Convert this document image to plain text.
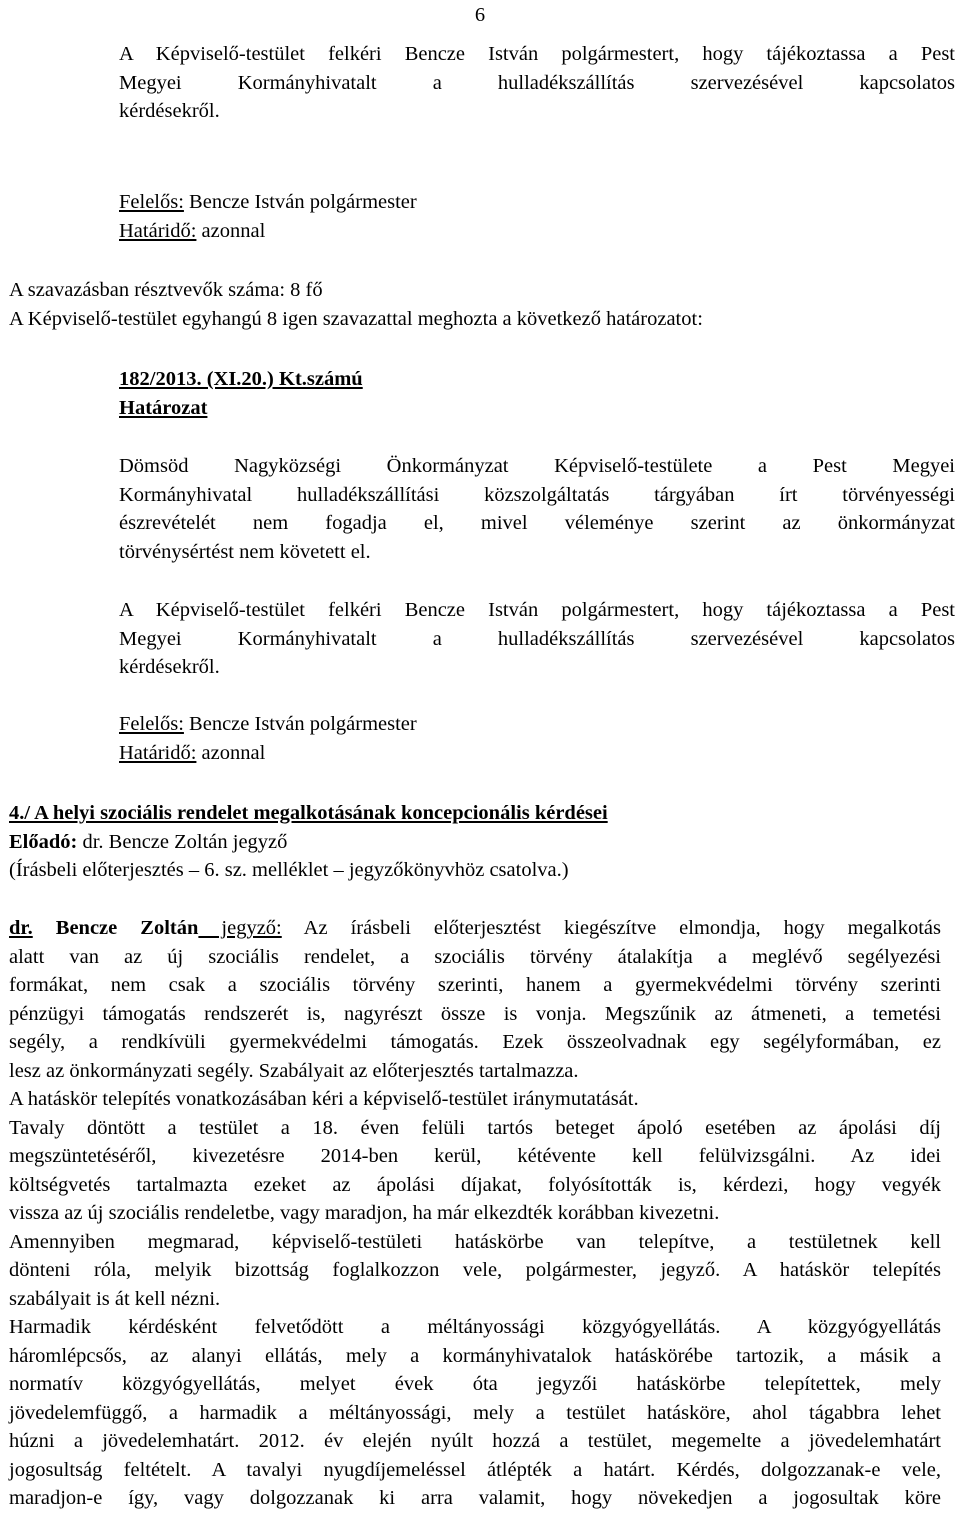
6
A Képviselő-testület felkéri Bencze István polgármestert, hogy tájékoztassa a Pest
Megyei Kormányhivatalt a hulladékszállítás szervezésével kapcsolatos
kérdésekről.
Felelős: Bencze István polgármester
Határidő: azonnal
A szavazásban résztvevők száma: 8 fő
A Képviselő-testület egyhangú 8 igen szavazattal meghozta a következő határozatot:
182/2013. (XI.20.) Kt.számú
Határozat
Dömsöd Nagyközségi Önkormányzat Képviselő-testülete a Pest Megyei
Kormányhivatal hulladékszállítási közszolgáltatás tárgyában írt törvényességi
észrevételét nem fogadja el, mivel véleménye szerint az önkormányzat
törvénysértést nem követett el.
A Képviselő-testület felkéri Bencze István polgármestert, hogy tájékoztassa a Pest
Megyei Kormányhivatalt a hulladékszállítás szervezésével kapcsolatos
kérdésekről.
Felelős: Bencze István polgármester
Határidő: azonnal
4./ A helyi szociális rendelet megalkotásának koncepcionális kérdései
Előadó: dr. Bencze Zoltán jegyző
(Írásbeli előterjesztés – 6. sz. melléklet – jegyzőkönyvhöz csatolva.)
dr. Bencze Zoltán jegyző: Az írásbeli előterjesztést kiegészítve elmondja, hogy megalkotás
alatt van az új szociális rendelet, a szociális törvény átalakítja a meglévő segélyezési
formákat, nem csak a szociális törvény szerinti, hanem a gyermekvédelmi törvény szerinti
pénzügyi támogatás rendszerét is, nagyrészt össze is vonja. Megszűnik az átmeneti, a temetési
segély, a rendkívüli gyermekvédelmi támogatás. Ezek összeolvadnak egy segélyformában, ez
lesz az önkormányzati segély. Szabályait az előterjesztés tartalmazza.
A hatáskör telepítés vonatkozásában kéri a képviselő-testület iránymutatását.
Tavaly döntött a testület a 18. éven felüli tartós beteget ápoló esetében az ápolási díj
megszüntetéséről, kivezetésre 2014-ben kerül, kétévente kell felülvizsgálni. Az idei
költségvetés tartalmazta ezeket az ápolási díjakat, folyósították is, kérdezi, hogy vegyék
vissza az új szociális rendeletbe, vagy maradjon, ha már elkezdték korábban kivezetni.
Amennyiben megmarad, képviselő-testületi hatáskörbe van telepítve, a testületnek kell
dönteni róla, melyik bizottság foglalkozzon vele, polgármester, jegyző. A hatáskör telepítés
szabályait is át kell nézni.
Harmadik kérdésként felvetődött a méltányossági közgyógyellátás. A közgyógyellátás
háromlépcsős, az alanyi ellátás, mely a kormányhivatalok hatáskörébe tartozik, a másik a
normatív közgyógyellátás, melyet évek óta jegyzői hatáskörbe telepítettek, mely
jövedelemfüggő, a harmadik a méltányossági, mely a testület hatásköre, ahol tágabbra lehet
húzni a jövedelemhatárt. 2012. év elején nyúlt hozzá a testület, megemelte a jövedelemhatárt
jogosultság feltételt. A tavalyi nyugdíjemeléssel átlépték a határt. Kérdés, dolgozzanak-e vele,
maradjon-e így, vagy dolgozzanak ki arra valamit, hogy növekedjen a jogosultak köre
